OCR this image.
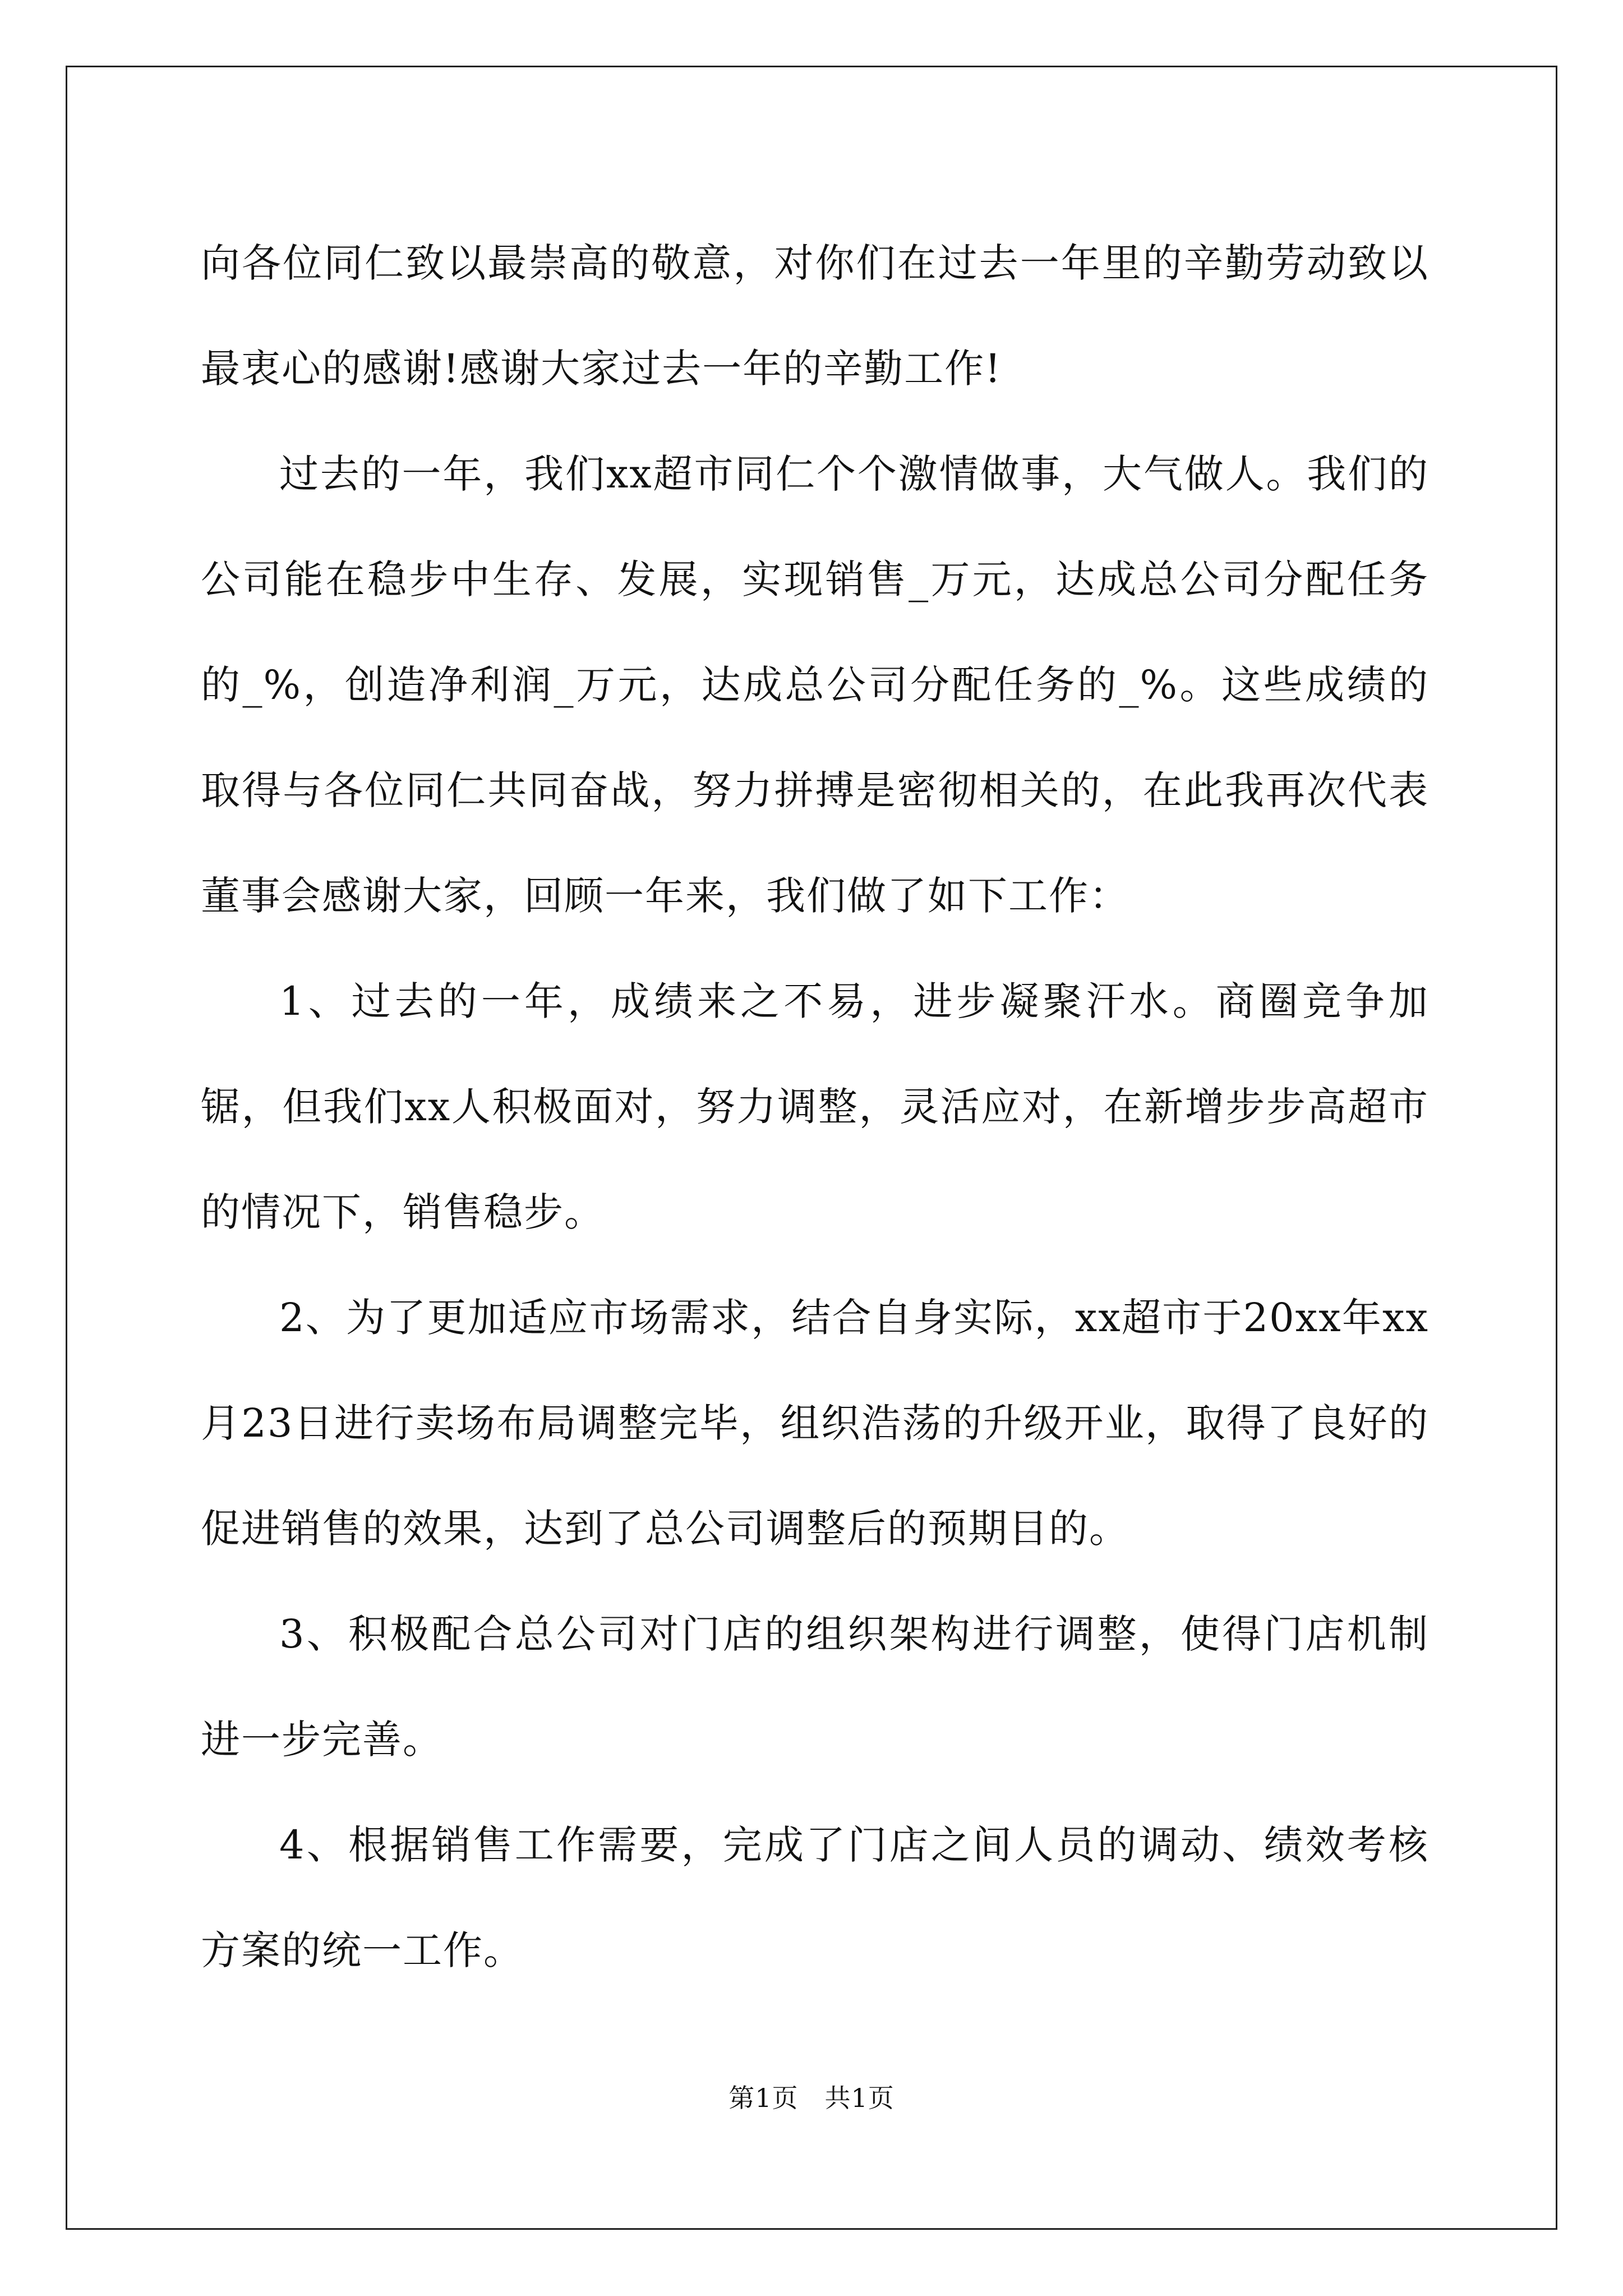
向各位同仁致以最崇高的敬意，对你们在过去一年里的辛勤劳动致以最衷心的感谢!感谢大家过去一年的辛勤工作!

过去的一年，我们xx超市同仁个个激情做事，大气做人。我们的公司能在稳步中生存、发展，实现销售_万元，达成总公司分配任务的_%，创造净利润_万元，达成总公司分配任务的_%。这些成绩的取得与各位同仁共同奋战，努力拼搏是密彻相关的，在此我再次代表董事会感谢大家，回顾一年来，我们做了如下工作：

1、过去的一年，成绩来之不易，进步凝聚汗水。商圈竞争加锯，但我们xx人积极面对，努力调整，灵活应对，在新增步步高超市的情况下，销售稳步。

2、为了更加适应市场需求，结合自身实际，xx超市于20xx年xx月23日进行卖场布局调整完毕，组织浩荡的升级开业，取得了良好的促进销售的效果，达到了总公司调整后的预期目的。

3、积极配合总公司对门店的组织架构进行调整，使得门店机制进一步完善。

4、根据销售工作需要，完成了门店之间人员的调动、绩效考核方案的统一工作。

第1页　共1页
